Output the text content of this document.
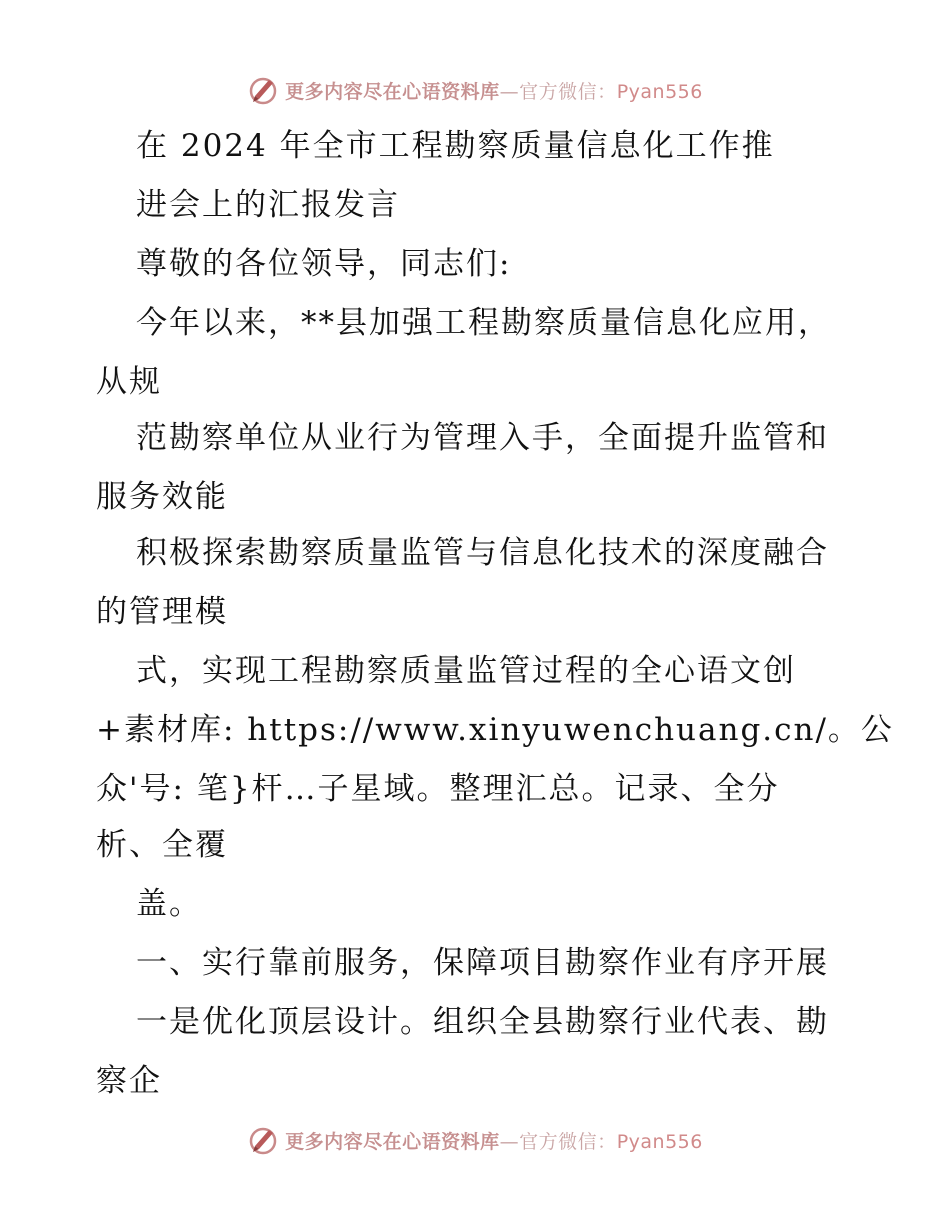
更多内容尽在心语资料库—官方微信：Pyan556
在 2024 年全市工程勘察质量信息化工作推
进会上的汇报发言
尊敬的各位领导，同志们:
今年以来，**县加强工程勘察质量信息化应用，
从规
范勘察单位从业行为管理入手，全面提升监管和
服务效能
积极探索勘察质量监管与信息化技术的深度融合
的管理模
式，实现工程勘察质量监管过程的全心语文创
+素材库: https://www.xinyuwenchuang.cn/。公
众'号: 笔}杆…子星域。整理汇总。记录、全分
析、全覆
盖。
一、实行靠前服务，保障项目勘察作业有序开展
一是优化顶层设计。组织全县勘察行业代表、勘
察企
更多内容尽在心语资料库—官方微信：Pyan556
